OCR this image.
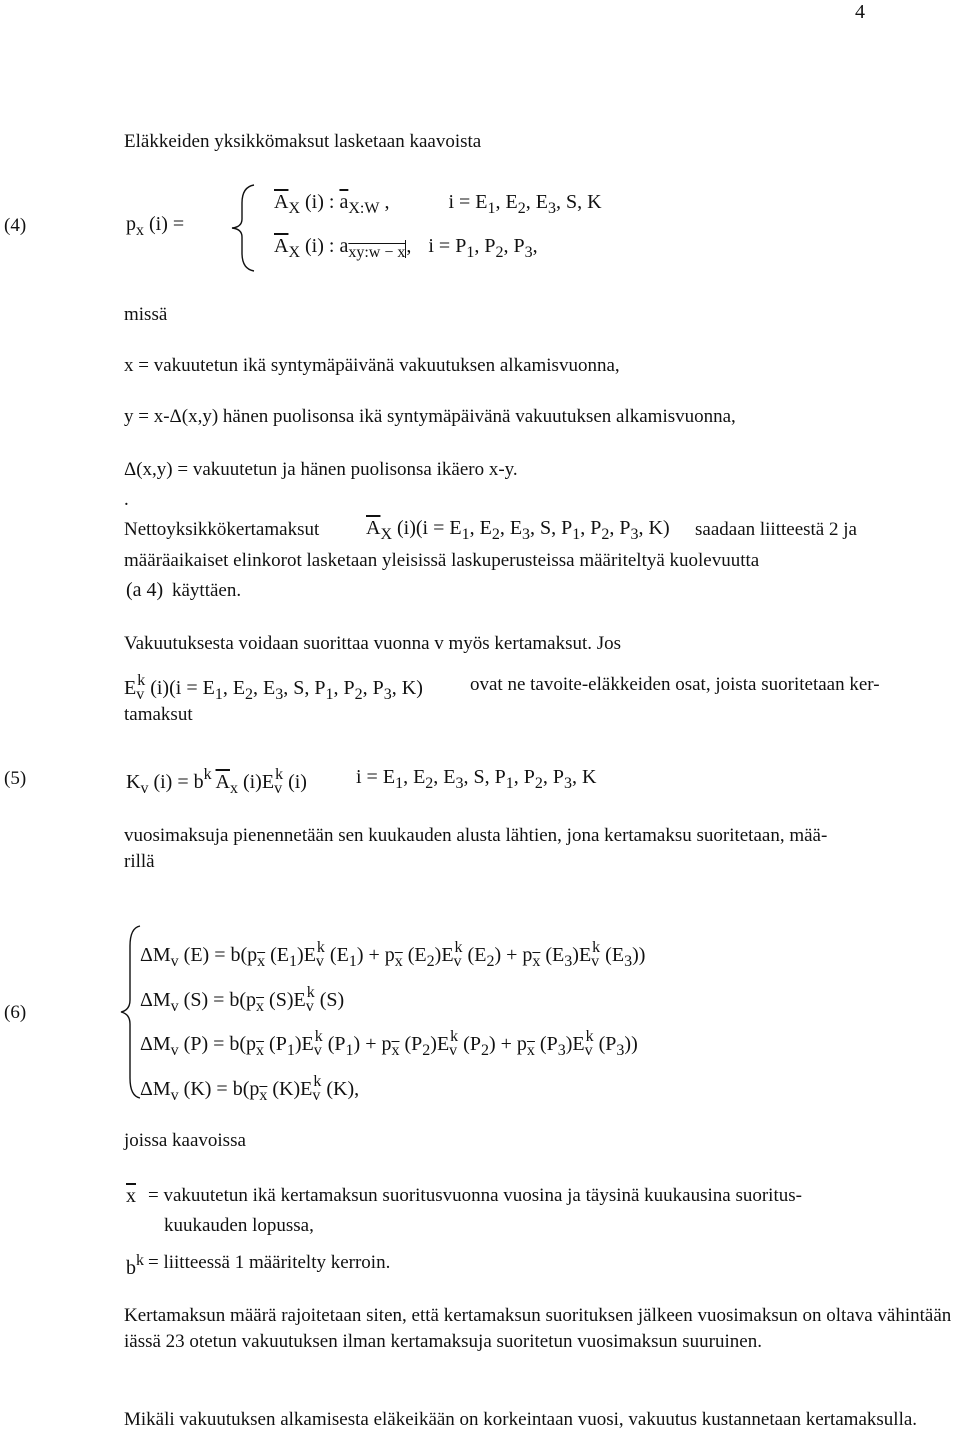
4
Eläkkeiden yksikkömaksut lasketaan kaavoista
(4)	$p_x$ (i) =
$\overline{A}_X$ (i) : $\overline{a}_{X:W}$ ,	$i = E_1$, $E_2$, $E_3$, S, K
$\overline{A}_X$ (i) : $a_{xy:w - x}$, $i = P_1$, $P_2$, $P_3$,
missä
x = vakuutetun ikä syntymäpäivänä vakuutuksen alkamisvuonna,
y = x-Δ(x,y) hänen puolisonsa ikä syntymäpäivänä vakuutuksen alkamisvuonna,
Δ(x,y) = vakuutetun ja hänen puolisonsa ikäero x-y.
.
Nettoyksikkökertamaksut $\overline{A}_X$ $(i)(i = E_1$, $E_2$, $E_3$, S, $P_1$, $P_2$, $P_3$, K) saadaan liitteestä 2 ja
määräaikaiset elinkorot lasketaan yleisissä laskuperusteissa määriteltyä kuolevuutta
(a 4) käyttäen.
Vakuutuksesta voidaan suorittaa vuonna v myös kertamaksut. Jos
$E_v^k$ $(i)(i = E_1$, $E_2$, $E_3$, S, $P_1$, $P_2$, $P_3$, K) ovat ne tavoite-eläkkeiden osat, joista suoritetaan ker-
tamaksut
(5)	$K_v$ $(i) = b^k$ $\overline{A}_x$ $(i)E_v^k$ (i) $i = E_1$, $E_2$, $E_3$, S, $P_1$, $P_2$, $P_3$, K
vuosimaksuja pienennetään sen kuukauden alusta lähtien, jona kertamaksu suoritetaan, mää-
rillä
(6)
$\Delta M_v$ $(E) = b(p_{\overline{x}}$ $(E_1)E_v^k$ $(E_1) + p_{\overline{x}}$ $(E_2)E_v^k$ $(E_2) + p_{\overline{x}}$ $(E_3)E_v^k$ $(E_3)$)
$\Delta M_v$ $(S) = b(p_{\overline{x}}$ $(S)E_v^k$ (S)
$\Delta M_v$ $(P) = b(p_{\overline{x}}$ $(P_1)E_v^k$ $(P_1) + p_{\overline{x}}$ $(P_2)E_v^k$ $(P_2) + p_{\overline{x}}$ $(P_3)E_v^k$ $(P_3)$)
$\Delta M_v$ $(K) = b(p_{\overline{x}}$ $(K)E_v^k$ (K),
joissa kaavoissa
$\overline{x}$ = vakuutetun ikä kertamaksun suoritusvuonna vuosina ja täysinä kuukausina suoritus-
kuukauden lopussa,
$b^k$ = liitteessä 1 määritelty kerroin.
Kertamaksun määrä rajoitetaan siten, että kertamaksun suorituksen jälkeen vuosimaksun on oltava vähintään iässä 23 otetun vakuutuksen ilman kertamaksuja suoritetun vuosimaksun suuruinen.
Mikäli vakuutuksen alkamisesta eläkeikään on korkeintaan vuosi, vakuutus kustannetaan kertamaksulla.
